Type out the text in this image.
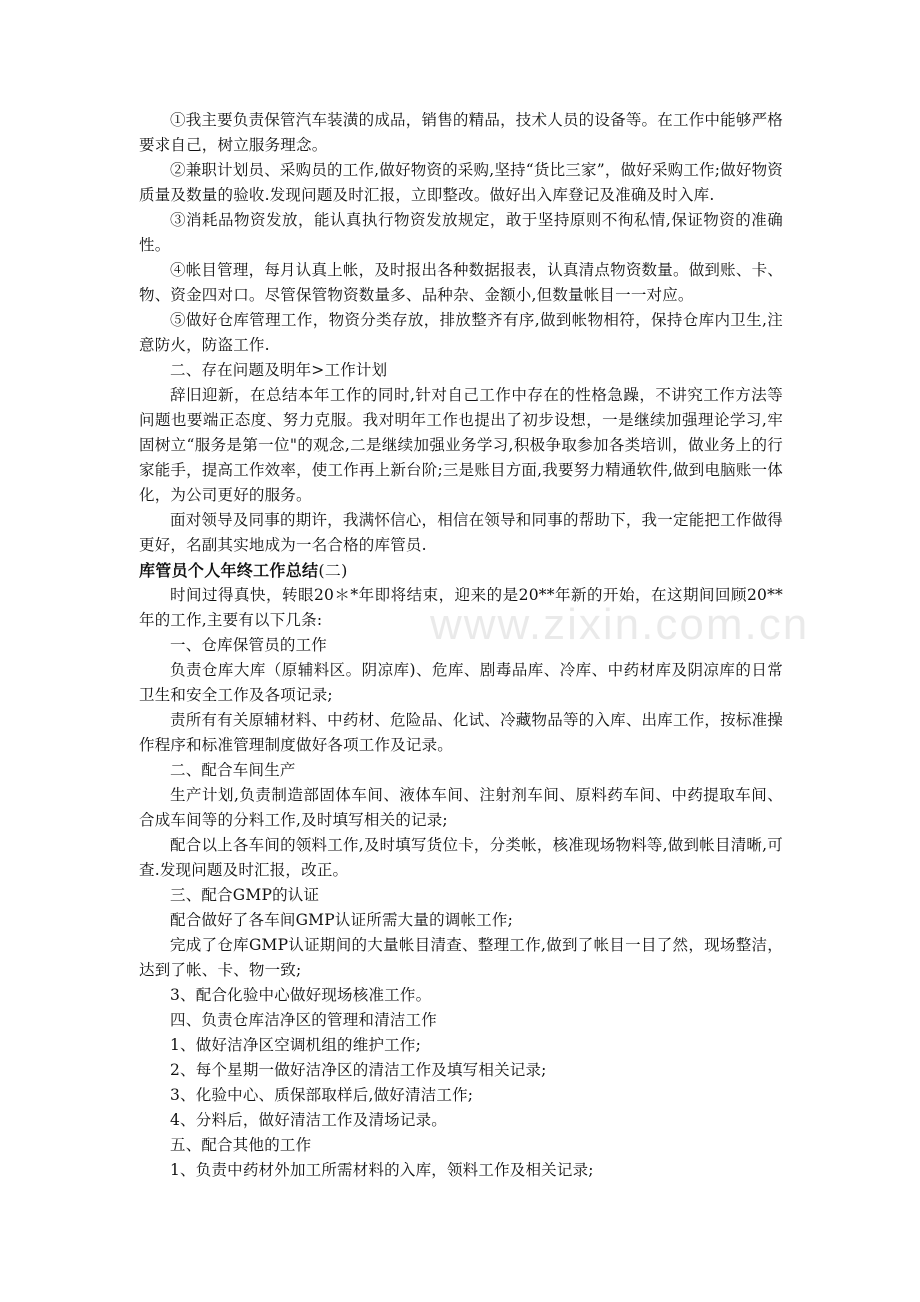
www.zixin.com.cn

①我主要负责保管汽车装潢的成品，销售的精品，技术人员的设备等。在工作中能够严格要求自己，树立服务理念。

②兼职计划员、采购员的工作,做好物资的采购,坚持“货比三家”，做好采购工作;做好物资质量及数量的验收.发现问题及时汇报，立即整改。做好出入库登记及准确及时入库.

③消耗品物资发放，能认真执行物资发放规定，敢于坚持原则不徇私情,保证物资的准确性。

④帐目管理，每月认真上帐，及时报出各种数据报表，认真清点物资数量。做到账、卡、物、资金四对口。尽管保管物资数量多、品种杂、金额小,但数量帐目一一对应。

⑤做好仓库管理工作，物资分类存放，排放整齐有序,做到帐物相符，保持仓库内卫生,注意防火，防盗工作.

二、存在问题及明年>工作计划

辞旧迎新，在总结本年工作的同时,针对自己工作中存在的性格急躁，不讲究工作方法等问题也要端正态度、努力克服。我对明年工作也提出了初步设想，一是继续加强理论学习,牢固树立“服务是第一位"的观念,二是继续加强业务学习,积极争取参加各类培训，做业务上的行家能手，提高工作效率，使工作再上新台阶;三是账目方面,我要努力精通软件,做到电脑账一体化，为公司更好的服务。

面对领导及同事的期许，我满怀信心，相信在领导和同事的帮助下，我一定能把工作做得更好，名副其实地成为一名合格的库管员.

库管员个人年终工作总结(二)

时间过得真快，转眼20＊*年即将结束，迎来的是20**年新的开始，在这期间回顾20**年的工作,主要有以下几条:

一、仓库保管员的工作

负责仓库大库（原辅料区。阴凉库)、危库、剧毒品库、冷库、中药材库及阴凉库的日常卫生和安全工作及各项记录;

责所有有关原辅材料、中药材、危险品、化试、冷藏物品等的入库、出库工作，按标准操作程序和标准管理制度做好各项工作及记录。

二、配合车间生产

生产计划,负责制造部固体车间、液体车间、注射剂车间、原料药车间、中药提取车间、合成车间等的分料工作,及时填写相关的记录;

配合以上各车间的领料工作,及时填写货位卡，分类帐，核准现场物料等,做到帐目清晰,可查.发现问题及时汇报，改正。

三、配合GMP的认证

配合做好了各车间GMP认证所需大量的调帐工作;

完成了仓库GMP认证期间的大量帐目清查、整理工作,做到了帐目一目了然，现场整洁，达到了帐、卡、物一致;

3、配合化验中心做好现场核准工作。

四、负责仓库洁净区的管理和清洁工作

1、做好洁净区空调机组的维护工作;

2、每个星期一做好洁净区的清洁工作及填写相关记录;

3、化验中心、质保部取样后,做好清洁工作;

4、分料后，做好清洁工作及清场记录。

五、配合其他的工作

1、负责中药材外加工所需材料的入库，领料工作及相关记录;
